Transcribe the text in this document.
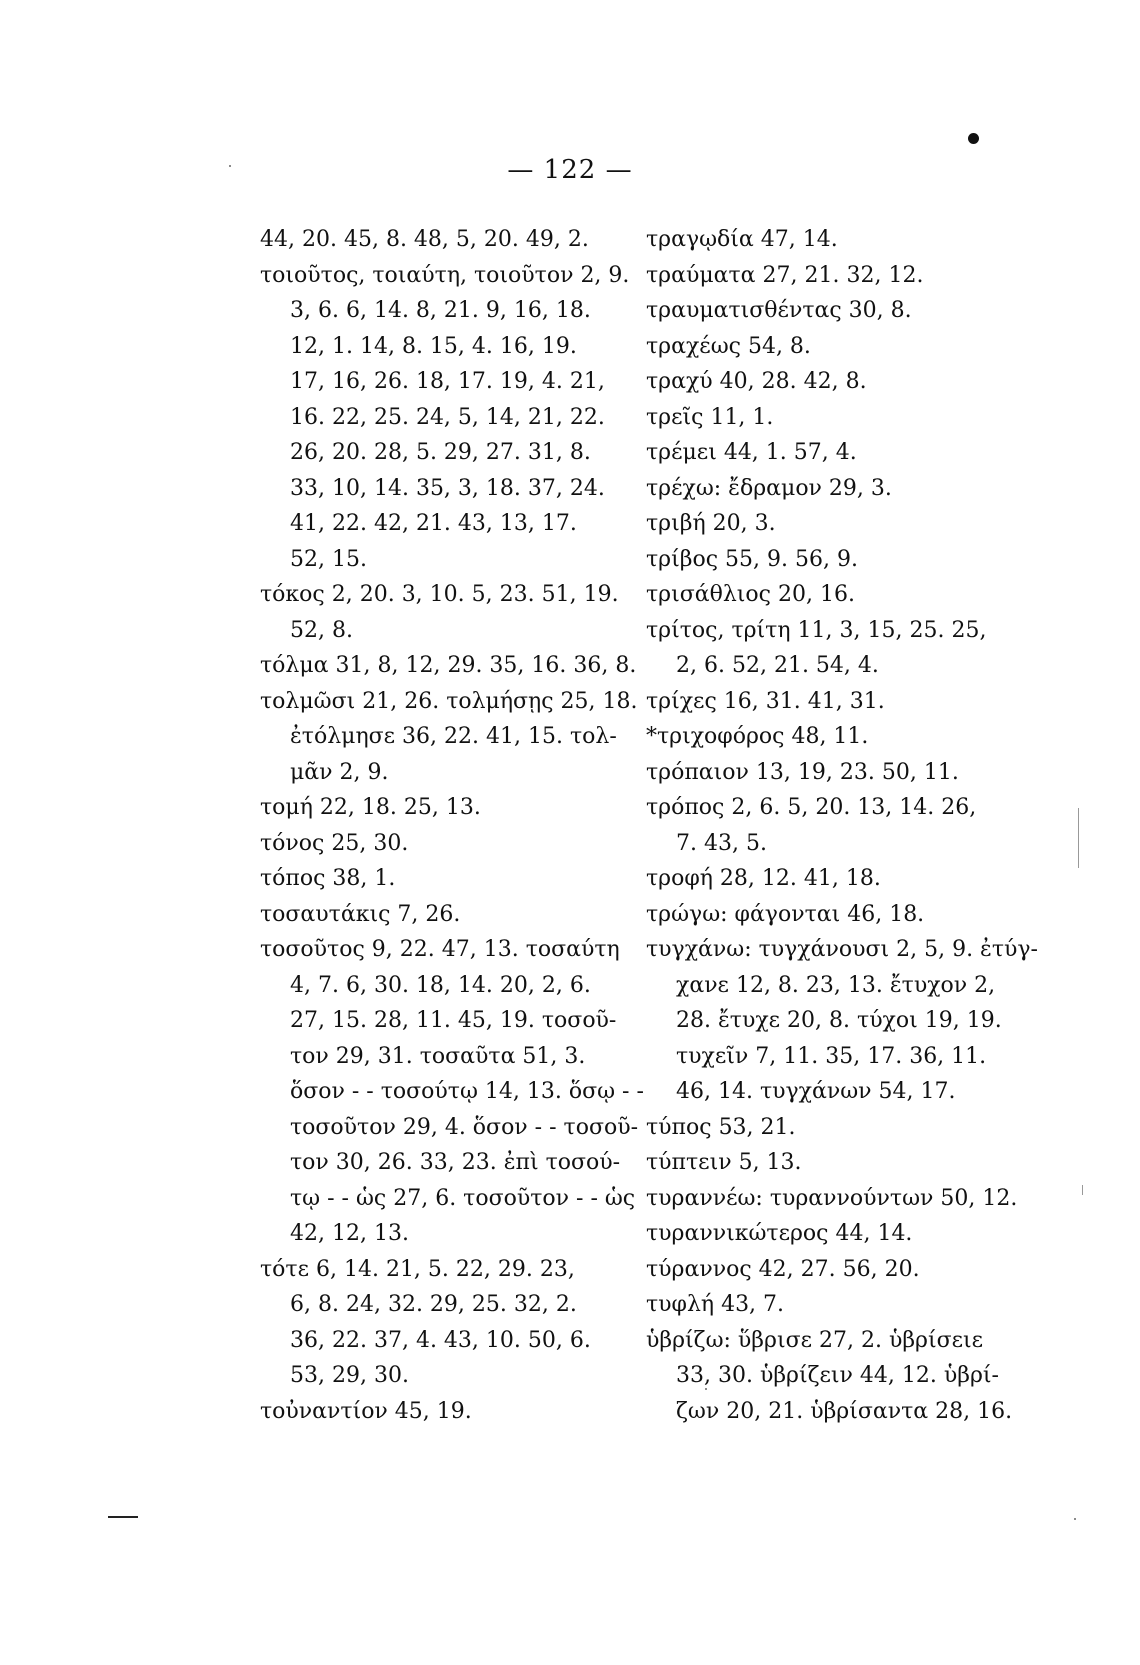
— 122 —
44, 20. 45, 8. 48, 5, 20. 49, 2.
τοιοῦτος, τοιαύτη, τοιοῦτον 2, 9.
3, 6. 6, 14. 8, 21. 9, 16, 18.
12, 1. 14, 8. 15, 4. 16, 19.
17, 16, 26. 18, 17. 19, 4. 21,
16. 22, 25. 24, 5, 14, 21, 22.
26, 20. 28, 5. 29, 27. 31, 8.
33, 10, 14. 35, 3, 18. 37, 24.
41, 22. 42, 21. 43, 13, 17.
52, 15.
τόκος 2, 20. 3, 10. 5, 23. 51, 19.
52, 8.
τόλμα 31, 8, 12, 29. 35, 16. 36, 8.
τολμῶσι 21, 26. τολμήσῃς 25, 18.
ἐτόλμησε 36, 22. 41, 15. τολ-
μᾶν 2, 9.
τομή 22, 18. 25, 13.
τόνος 25, 30.
τόπος 38, 1.
τοσαυτάκις 7, 26.
τοσοῦτος 9, 22. 47, 13. τοσαύτη
4, 7. 6, 30. 18, 14. 20, 2, 6.
27, 15. 28, 11. 45, 19. τοσοῦ-
τον 29, 31. τοσαῦτα 51, 3.
ὅσον - - τοσούτῳ 14, 13. ὅσῳ - -
τοσοῦτον 29, 4. ὅσον - - τοσοῦ-
τον 30, 26. 33, 23. ἐπὶ τοσού-
τῳ - - ὡς 27, 6. τοσοῦτον - - ὡς
42, 12, 13.
τότε 6, 14. 21, 5. 22, 29. 23,
6, 8. 24, 32. 29, 25. 32, 2.
36, 22. 37, 4. 43, 10. 50, 6.
53, 29, 30.
τοὐναντίον 45, 19.
τραγῳδία 47, 14.
τραύματα 27, 21. 32, 12.
τραυματισθέντας 30, 8.
τραχέως 54, 8.
τραχύ 40, 28. 42, 8.
τρεῖς 11, 1.
τρέμει 44, 1. 57, 4.
τρέχω: ἔδραμον 29, 3.
τριβή 20, 3.
τρίβος 55, 9. 56, 9.
τρισάθλιος 20, 16.
τρίτος, τρίτη 11, 3, 15, 25. 25,
2, 6. 52, 21. 54, 4.
τρίχες 16, 31. 41, 31.
*τριχοφόρος 48, 11.
τρόπαιον 13, 19, 23. 50, 11.
τρόπος 2, 6. 5, 20. 13, 14. 26,
7. 43, 5.
τροφή 28, 12. 41, 18.
τρώγω: φάγονται 46, 18.
τυγχάνω: τυγχάνουσι 2, 5, 9. ἐτύγ-
χανε 12, 8. 23, 13. ἔτυχον 2,
28. ἔτυχε 20, 8. τύχοι 19, 19.
τυχεῖν 7, 11. 35, 17. 36, 11.
46, 14. τυγχάνων 54, 17.
τύπος 53, 21.
τύπτειν 5, 13.
τυραννέω: τυραννούντων 50, 12.
τυραννικώτερος 44, 14.
τύραννος 42, 27. 56, 20.
τυφλή 43, 7.
ὑβρίζω: ὕβρισε 27, 2. ὑβρίσειε
33, 30. ὑβρίζειν 44, 12. ὑβρί-
ζων 20, 21. ὑβρίσαντα 28, 16.
